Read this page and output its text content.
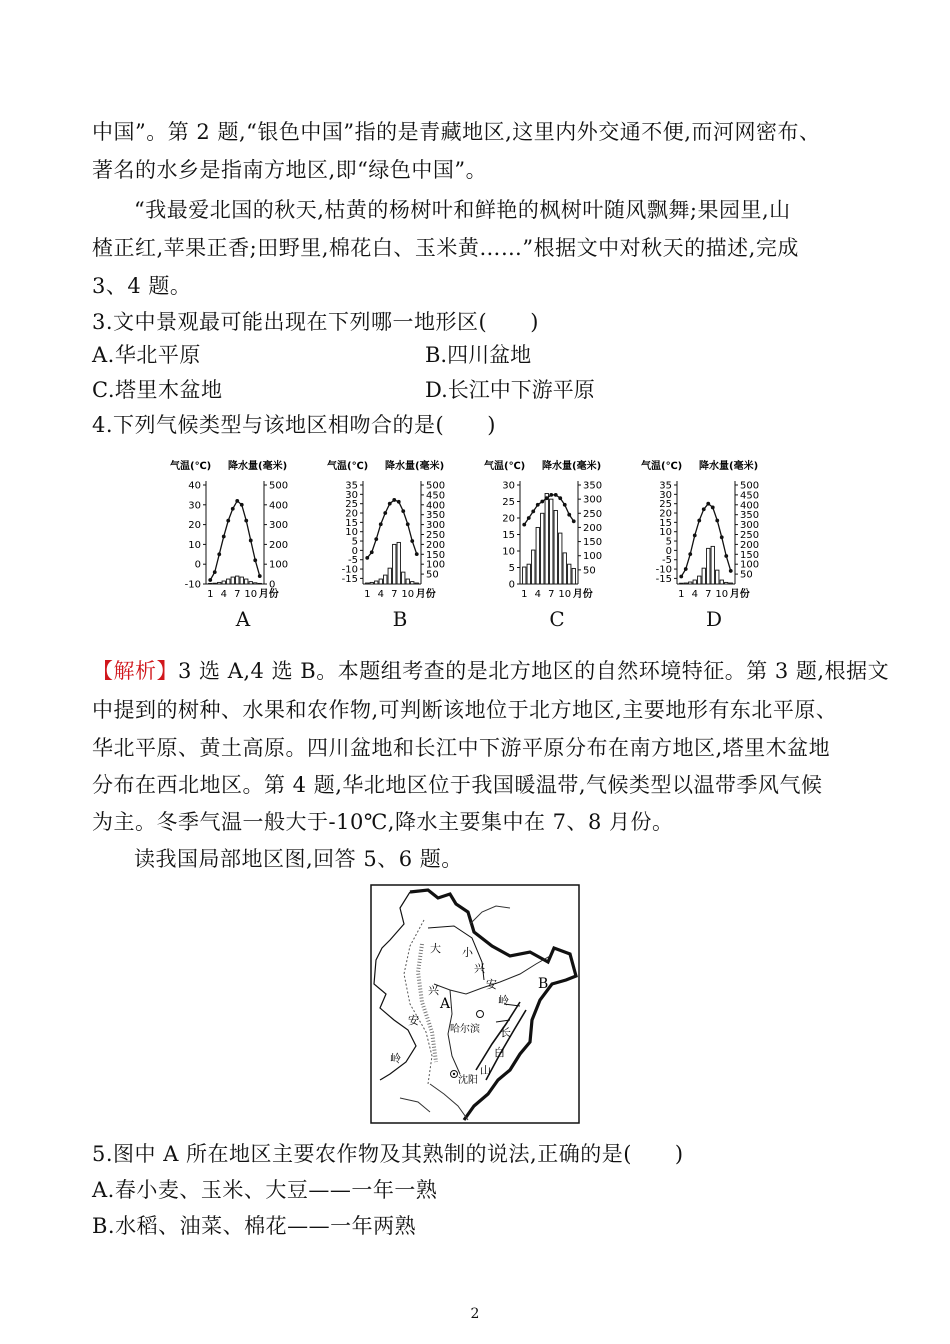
中国”。第 2 题,“银色中国”指的是青藏地区,这里内外交通不便,而河网密布、
著名的水乡是指南方地区,即“绿色中国”。
“我最爱北国的秋天,枯黄的杨树叶和鲜艳的枫树叶随风飘舞;果园里,山
楂正红,苹果正香;田野里,棉花白、玉米黄……”根据文中对秋天的描述,完成
3、4 题。
3.文中景观最可能出现在下列哪一地形区(　　)
A.华北平原	B.四川盆地
C.塔里木盆地	D.长江中下游平原
4.下列气候类型与该地区相吻合的是(　　)
气温(℃) 降水量(毫米)
40
30
20
10
0
-10
500
400
300
200
100
0
1 4 7 10 月份
A
气温(℃) 降水量(毫米)
35
30
25
20
15
10
5
0
-5
-10
-15
500
450
400
350
300
250
200
150
100
50
1 4 7 10 月份
B
气温(℃) 降水量(毫米)
30
25
20
15
10
5
0
350
300
250
200
150
100
50
1 4 7 10 月份
C
气温(℃) 降水量(毫米)
35
30
25
20
15
10
5
0
-5
-10
-15
500
450
400
350
300
250
200
150
100
50
1 4 7 10 月份
D
【解析】3 选 A,4 选 B。本题组考查的是北方地区的自然环境特征。第 3 题,根据文
中提到的树种、水果和农作物,可判断该地位于北方地区,主要地形有东北平原、
华北平原、黄土高原。四川盆地和长江中下游平原分布在南方地区,塔里木盆地
分布在西北地区。第 4 题,华北地区位于我国暖温带,气候类型以温带季风气候
为主。冬季气温一般大于-10℃,降水主要集中在 7、8 月份。
读我国局部地区图,回答 5、6 题。
大
兴
安
岭
小
兴
安
岭
A
B
哈尔滨
沈阳
长
白
山
5.图中 A 所在地区主要农作物及其熟制的说法,正确的是(　　)
A.春小麦、玉米、大豆——一年一熟
B.水稻、油菜、棉花——一年两熟
2
